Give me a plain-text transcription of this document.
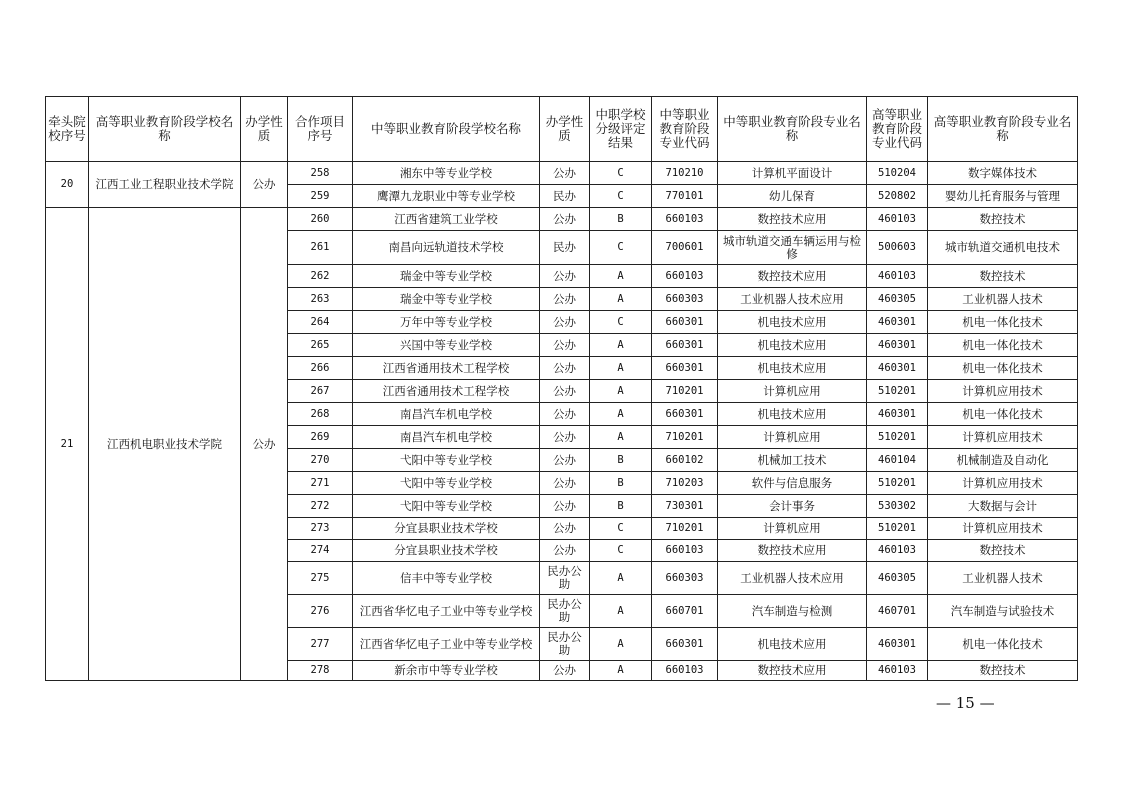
牵头院校序号	高等职业教育阶段学校名称	办学性质	合作项目序号	中等职业教育阶段学校名称	办学性质	中职学校分级评定结果	中等职业教育阶段专业代码	中等职业教育阶段专业名称	高等职业教育阶段专业代码	高等职业教育阶段专业名称
20	江西工业工程职业技术学院	公办	258	湘东中等专业学校	公办	C	710210	计算机平面设计	510204	数字媒体技术
			259	鹰潭九龙职业中等专业学校	民办	C	770101	幼儿保育	520802	婴幼儿托育服务与管理
21	江西机电职业技术学院	公办	260	江西省建筑工业学校	公办	B	660103	数控技术应用	460103	数控技术
			261	南昌向远轨道技术学校	民办	C	700601	城市轨道交通车辆运用与检修	500603	城市轨道交通机电技术
			262	瑞金中等专业学校	公办	A	660103	数控技术应用	460103	数控技术
			263	瑞金中等专业学校	公办	A	660303	工业机器人技术应用	460305	工业机器人技术
			264	万年中等专业学校	公办	C	660301	机电技术应用	460301	机电一体化技术
			265	兴国中等专业学校	公办	A	660301	机电技术应用	460301	机电一体化技术
			266	江西省通用技术工程学校	公办	A	660301	机电技术应用	460301	机电一体化技术
			267	江西省通用技术工程学校	公办	A	710201	计算机应用	510201	计算机应用技术
			268	南昌汽车机电学校	公办	A	660301	机电技术应用	460301	机电一体化技术
			269	南昌汽车机电学校	公办	A	710201	计算机应用	510201	计算机应用技术
			270	弋阳中等专业学校	公办	B	660102	机械加工技术	460104	机械制造及自动化
			271	弋阳中等专业学校	公办	B	710203	软件与信息服务	510201	计算机应用技术
			272	弋阳中等专业学校	公办	B	730301	会计事务	530302	大数据与会计
			273	分宜县职业技术学校	公办	C	710201	计算机应用	510201	计算机应用技术
			274	分宜县职业技术学校	公办	C	660103	数控技术应用	460103	数控技术
			275	信丰中等专业学校	民办公助	A	660303	工业机器人技术应用	460305	工业机器人技术
			276	江西省华忆电子工业中等专业学校	民办公助	A	660701	汽车制造与检测	460701	汽车制造与试验技术
			277	江西省华忆电子工业中等专业学校	民办公助	A	660301	机电技术应用	460301	机电一体化技术
			278	新余市中等专业学校	公办	A	660103	数控技术应用	460103	数控技术
— 15 —
